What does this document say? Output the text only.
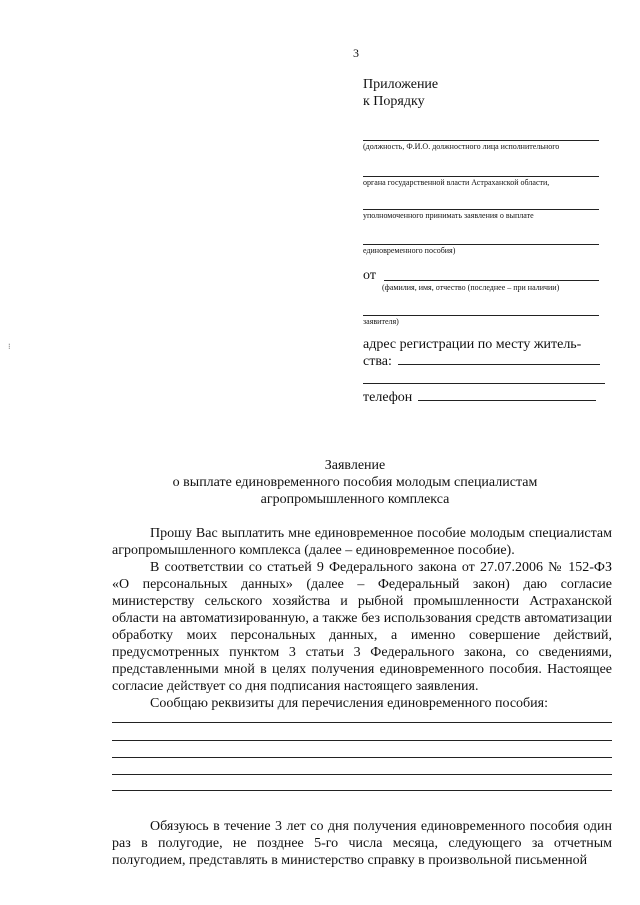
3
⁝
Приложение
к Порядку
(должность, Ф.И.О. должностного лица исполнительного
органа государственной власти Астраханской области,
уполномоченного принимать заявления о выплате
единовременного пособия)
от
(фамилия, имя, отчество (последнее – при наличии)
заявителя)
адрес регистрации по месту житель-
ства:
телефон
Заявление
о выплате единовременного пособия молодым специалистам
агропромышленного комплекса

Прошу Вас выплатить мне единовременное пособие молодым специалистам агропромышленного комплекса (далее – единовременное пособие).

В соответствии со статьей 9 Федерального закона от 27.07.2006 № 152-ФЗ «О персональных данных» (далее – Федеральный закон) даю согласие министерству сельского хозяйства и рыбной промышленности Астраханской области на автоматизированную, а также без использования средств автоматизации обработку моих персональных данных, а именно совершение действий, предусмотренных пунктом 3 статьи 3 Федерального закона, со сведениями, представленными мной в целях получения единовременного пособия. Настоящее согласие действует со дня подписания настоящего заявления.

Сообщаю реквизиты для перечисления единовременного пособия:

Обязуюсь в течение 3 лет со дня получения единовременного пособия один раз в полугодие, не позднее 5-го числа месяца, следующего за отчетным полугодием, представлять в министерство справку в произвольной письменной
